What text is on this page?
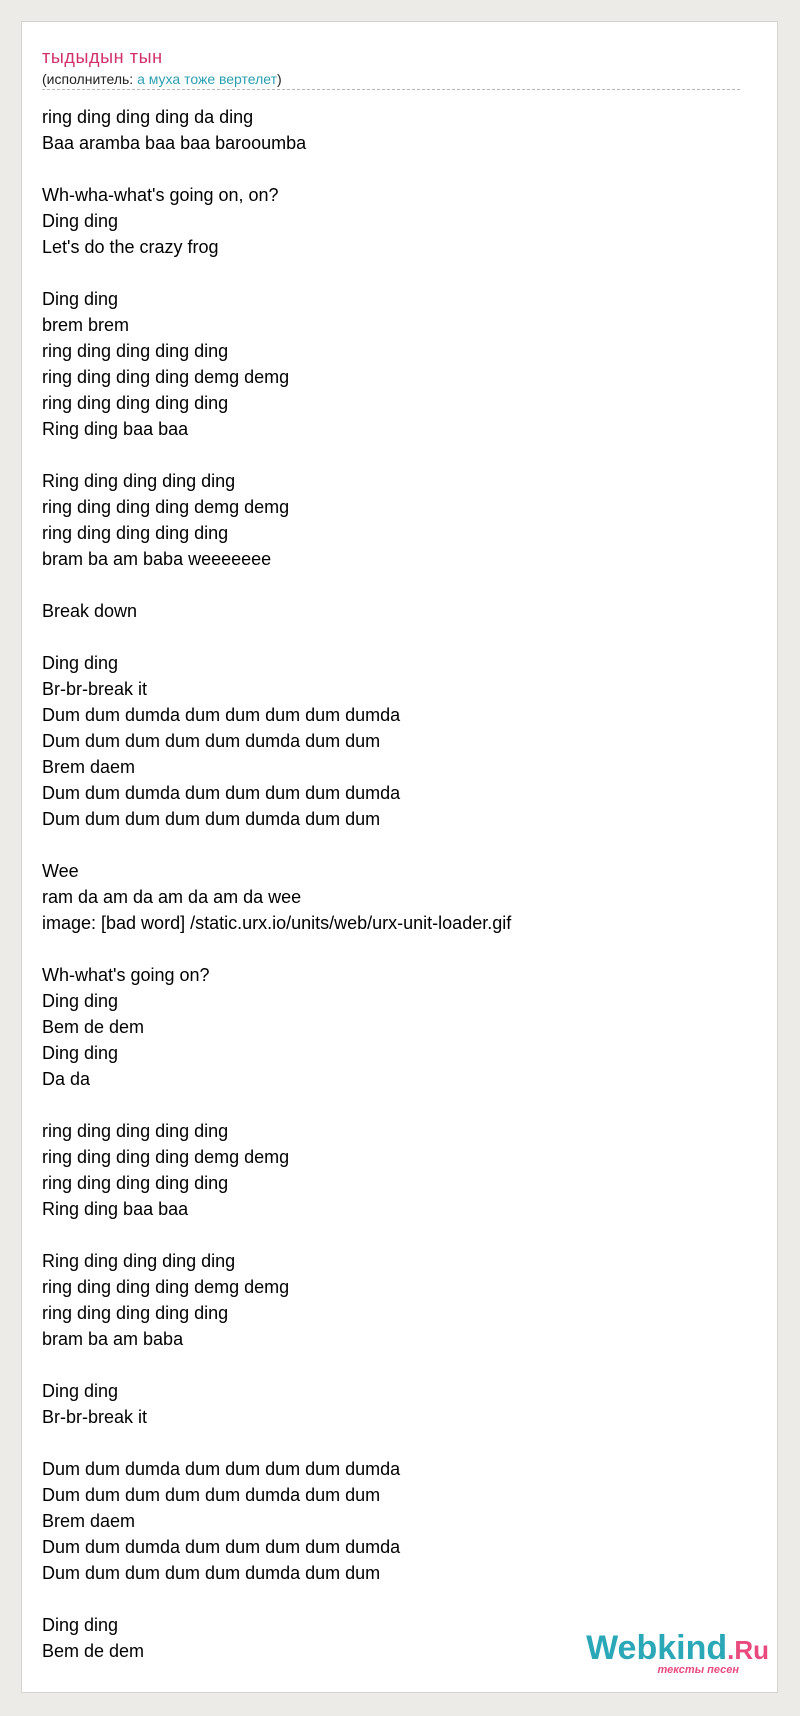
тыдыдын тын
(исполнитель: а муха тоже вертелет)
ring ding ding ding da ding
Baa aramba baa baa barooumba
Wh-wha-what's going on, on?
Ding ding
Let's do the crazy frog
Ding ding
brem brem
ring ding ding ding ding
ring ding ding ding demg demg
ring ding ding ding ding
Ring ding baa baa
Ring ding ding ding ding
ring ding ding ding demg demg
ring ding ding ding ding
bram ba am baba weeeeeee
Break down
Ding ding
Br-br-break it
Dum dum dumda dum dum dum dum dumda
Dum dum dum dum dum dumda dum dum
Brem daem
Dum dum dumda dum dum dum dum dumda
Dum dum dum dum dum dumda dum dum
Wee
ram da am da am da am da wee
image: [bad word] /static.urx.io/units/web/urx-unit-loader.gif
Wh-what's going on?
Ding ding
Bem de dem
Ding ding
Da da
ring ding ding ding ding
ring ding ding ding demg demg
ring ding ding ding ding
Ring ding baa baa
Ring ding ding ding ding
ring ding ding ding demg demg
ring ding ding ding ding
bram ba am baba
Ding ding
Br-br-break it
Dum dum dumda dum dum dum dum dumda
Dum dum dum dum dum dumda dum dum
Brem daem
Dum dum dumda dum dum dum dum dumda
Dum dum dum dum dum dumda dum dum
Ding ding
Bem de dem	Webkind.Ru
тексты песен
